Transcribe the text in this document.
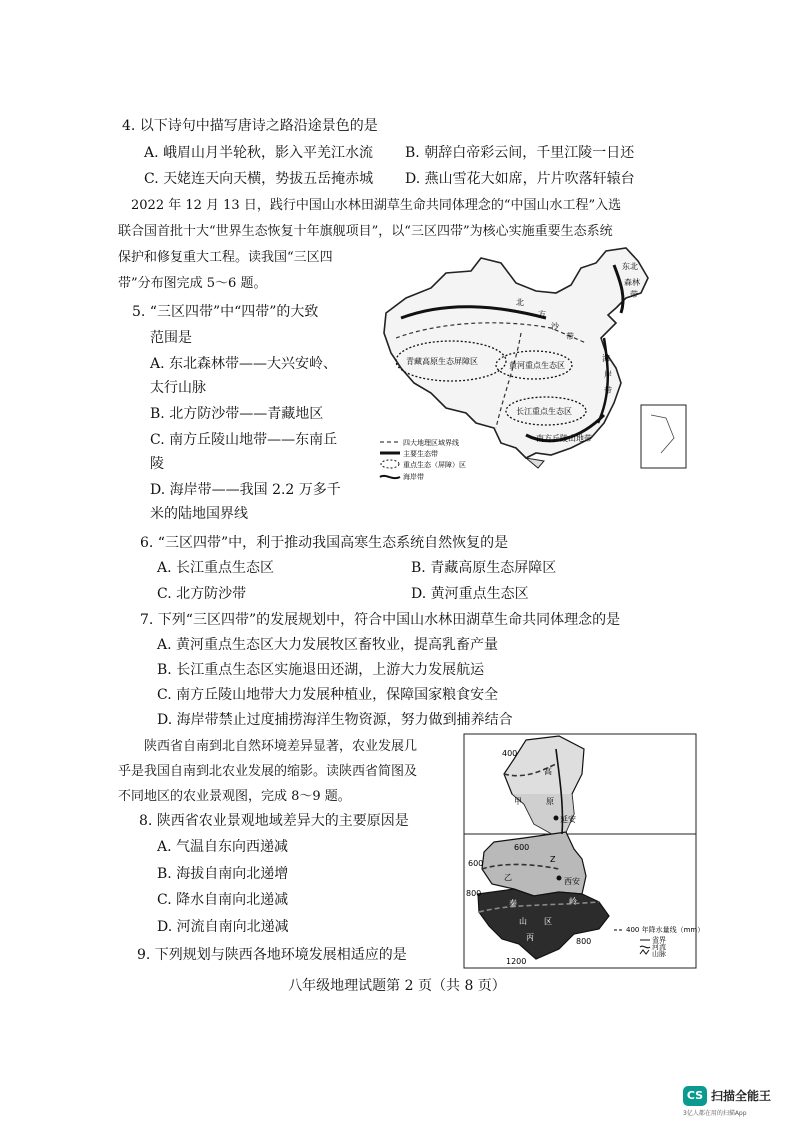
4. 以下诗句中描写唐诗之路沿途景色的是
A. 峨眉山月半轮秋，影入平羌江水流 B. 朝辞白帝彩云间，千里江陵一日还
C. 天姥连天向天横，势拔五岳掩赤城 D. 燕山雪花大如席，片片吹落轩辕台
2022 年 12 月 13 日，践行中国山水林田湖草生命共同体理念的“中国山水工程”入选
联合国首批十大“世界生态恢复十年旗舰项目”，以“三区四带”为核心实施重要生态系统
保护和修复重大工程。读我国“三区四
带”分布图完成 5～6 题。
5. “三区四带”中“四带”的大致
范围是
A. 东北森林带——大兴安岭、
太行山脉
B. 北方防沙带——青藏地区
C. 南方丘陵山地带——东南丘
陵
D. 海岸带——我国 2.2 万多千
米的陆地国界线
东北
森林
带
北
方
沙
带
青藏高原生态屏障区	黄河重点生态区
长江重点生态区
南方丘陵山地带
海
岸
带
四大地理区域界线
主要生态带
重点生态（屏障）区
海岸带
6. “三区四带”中，利于推动我国高寒生态系统自然恢复的是
A. 长江重点生态区	B. 青藏高原生态屏障区
C. 北方防沙带	D. 黄河重点生态区
7. 下列“三区四带”的发展规划中，符合中国山水林田湖草生命共同体理念的是
A. 黄河重点生态区大力发展牧区畜牧业，提高乳畜产量
B. 长江重点生态区实施退田还湖，上游大力发展航运
C. 南方丘陵山地带大力发展种植业，保障国家粮食安全
D. 海岸带禁止过度捕捞海洋生物资源，努力做到捕养结合
陕西省自南到北自然环境差异显著，农业发展几
乎是我国自南到北农业发展的缩影。读陕西省简图及
不同地区的农业景观图，完成 8～9 题。
8. 陕西省农业景观地域差异大的主要原因是
A. 气温自东向西递减
B. 海拔自南向北递增
C. 降水自南向北递减
D. 河流自南向北递减
9. 下列规划与陕西各地环境发展相适应的是
400
高
甲	原
延安
600
Z
600
乙	西安
800
秦	岭
山 区
丙	800
1200
400 年降水量线（mm）
省界
河流
山脉
八年级地理试题第 2 页（共 8 页）
CS 扫描全能王
3亿人都在用的扫描App
